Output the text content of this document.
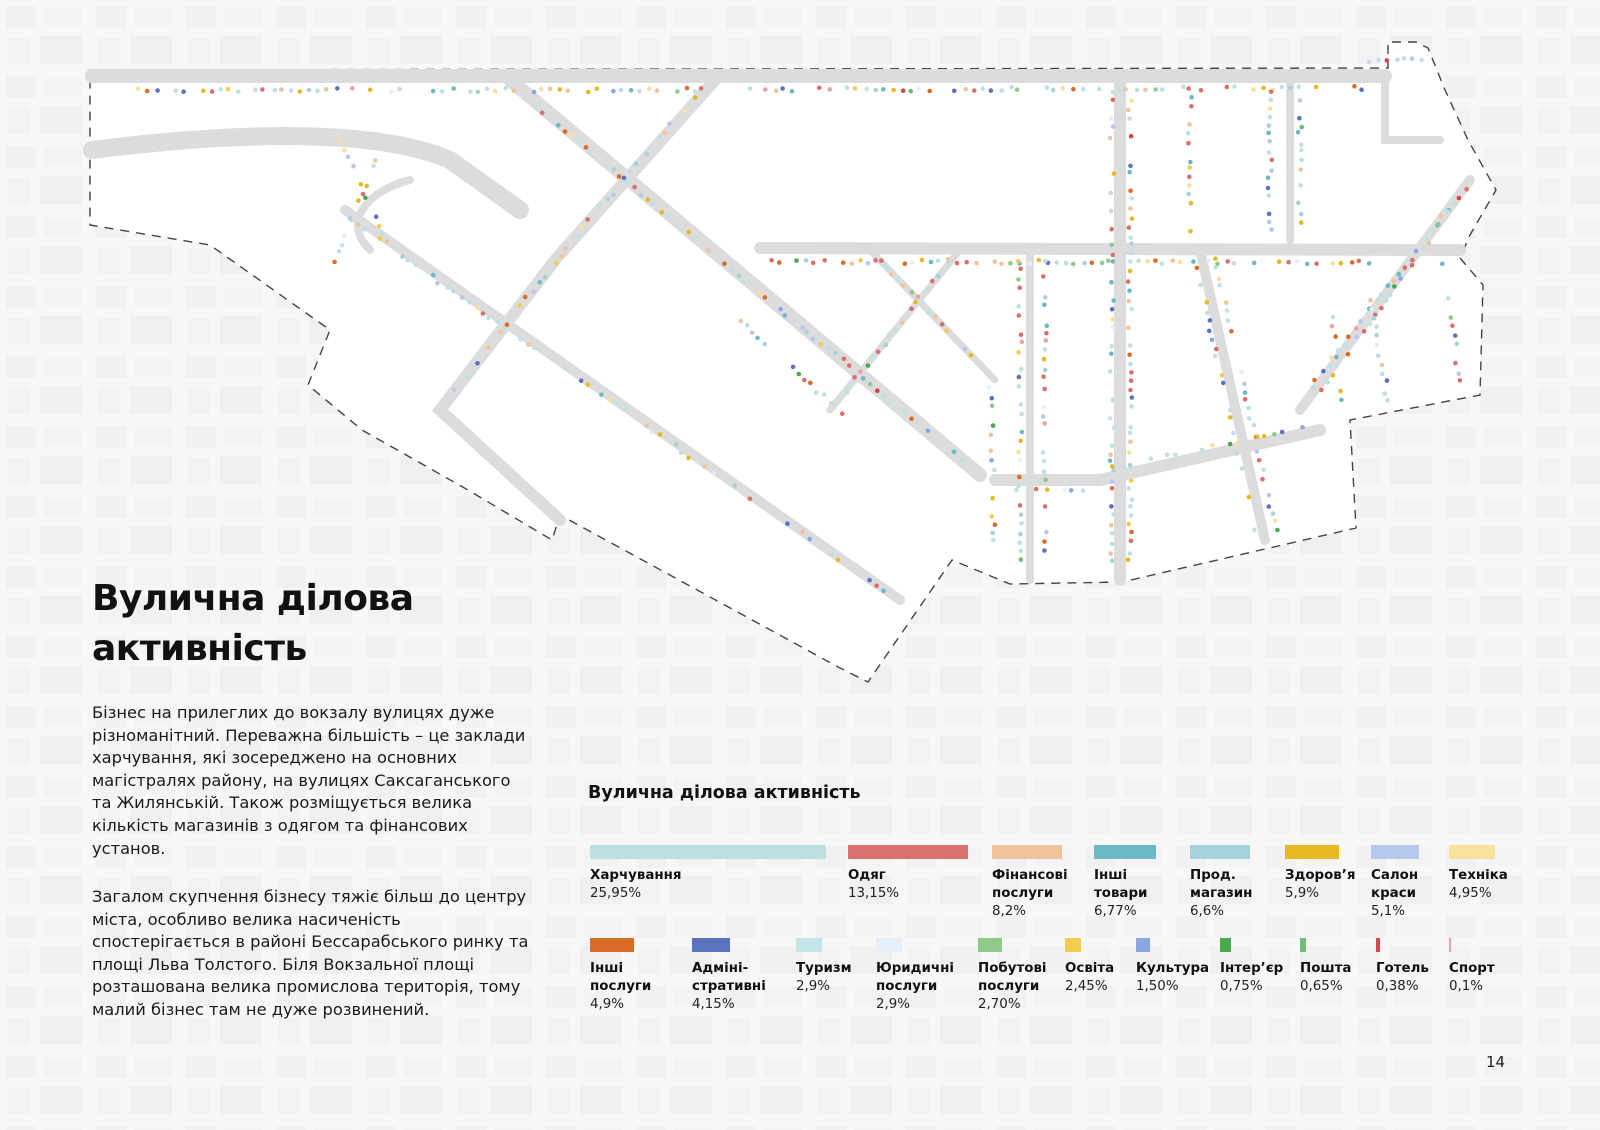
Вулична ділова
активність

Бізнес на прилеглих до вокзалу вулицях дуже різноманітний. Переважна більшість – це заклади харчування, які зосереджено на основних магістралях району, на вулицях Саксаганського та Жилянській. Також розміщується велика кількість магазинів з одягом та фінансових установ.

Загалом скупчення бізнесу тяжіє більш до центру міста, особливо велика насиченість спостерігається в районі Бессарабського ринку та площі Льва Толстого. Біля Вокзальної площі розташована велика промислова територія, тому малий бізнес там не дуже розвинений.

Вулична ділова активність
Харчування
25,95%
Одяг
13,15%
Фінансові послуги
8,2%
Інші товари
6,77%
Прод. магазин
6,6%
Здоров’я
5,9%
Салон краси
5,1%
Техніка
4,95%
Інші послуги
4,9%
Адміністративні
4,15%
Туризм
2,9%
Юридичні послуги
2,9%
Побутові послуги
2,70%
Освіта
2,45%
Культура
1,50%
Інтер’єр
0,75%
Пошта
0,65%
Готель
0,38%
Спорт
0,1%
14
